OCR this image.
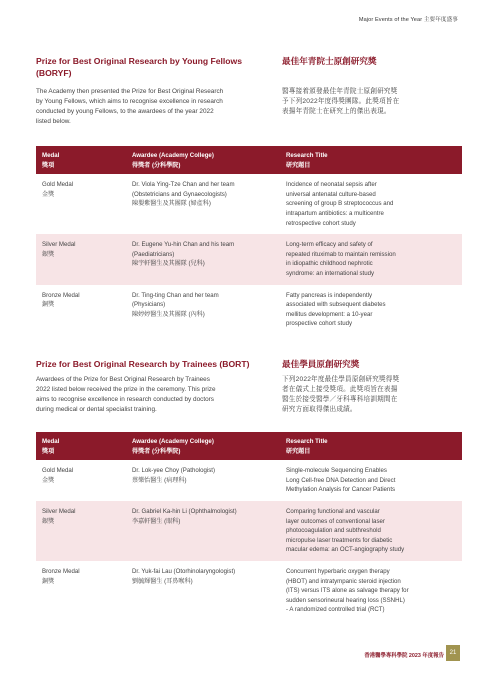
Major Events of the Year 主要年度盛事
Prize for Best Original Research by Young Fellows
(BORYF)
最佳年青院士原創研究獎
The Academy then presented the Prize for Best Original Research
by Young Fellows, which aims to recognise excellence in research
conducted by young Fellows, to the awardees of the year 2022
listed below.
醫專接着頒發最佳年青院士原創研究獎
予下列2022年度得獎團隊。此獎項旨在
表揚年青院士在研究上的傑出表現。
Medal
獎項	Awardee (Academy College)
得獎者 (分科學院)	Research Title
研究題目

Gold Medal
金獎	Dr. Viola Ying-Tze Chan and her team
(Obstetricians and Gynaecologists)
陳嬰紫醫生及其團隊 (婦產科)	Incidence of neonatal sepsis after
universal antenatal culture-based
screening of group B streptococcus and
intrapartum antibiotics: a multicentre
retrospective cohort study

Silver Medal
銀獎	Dr. Eugene Yu-hin Chan and his team
(Paediatricians)
陳宇軒醫生及其團隊 (兒科)	Long-term efficacy and safety of
repeated rituximab to maintain remission
in idiopathic childhood nephrotic
syndrome: an international study

Bronze Medal
銅獎	Dr. Ting-ting Chan and her team
(Physicians)
陳婷婷醫生及其團隊 (內科)	Fatty pancreas is independently
associated with subsequent diabetes
mellitus development: a 10-year
prospective cohort study
Prize for Best Original Research by Trainees (BORT)	最佳學員原創研究獎
Awardees of the Prize for Best Original Research by Trainees
2022 listed below received the prize in the ceremony. This prize
aims to recognise excellence in research conducted by doctors
during medical or dental specialist training.
下列2022年度最佳學員原創研究獎得獎
者在儀式上接受獎項。此獎項旨在表揚
醫生於接受醫學／牙科專科培訓期間在
研究方面取得傑出成績。
Medal
獎項	Awardee (Academy College)
得獎者 (分科學院)	Research Title
研究題目

Gold Medal
金獎	Dr. Lok-yee Choy (Pathologist)
蔡樂怡醫生 (病理科)	Single-molecule Sequencing Enables
Long Cell-free DNA Detection and Direct
Methylation Analysis for Cancer Patients

Silver Medal
銀獎	Dr. Gabriel Ka-hin Li (Ophthalmologist)
李嘉軒醫生 (眼科)	Comparing functional and vascular
layer outcomes of conventional laser
photocoagulation and subthreshold
micropulse laser treatments for diabetic
macular edema: an OCT-angiography study

Bronze Medal
銅獎	Dr. Yuk-fai Lau (Otorhinolaryngologist)
劉毓輝醫生 (耳鼻喉科)	Concurrent hyperbaric oxygen therapy
(HBOT) and intratympanic steroid injection
(ITS) versus ITS alone as salvage therapy for
sudden sensorineural hearing loss (SSNHL)
- A randomized controlled trial (RCT)
香港醫學專科學院 2023 年度報告 21
